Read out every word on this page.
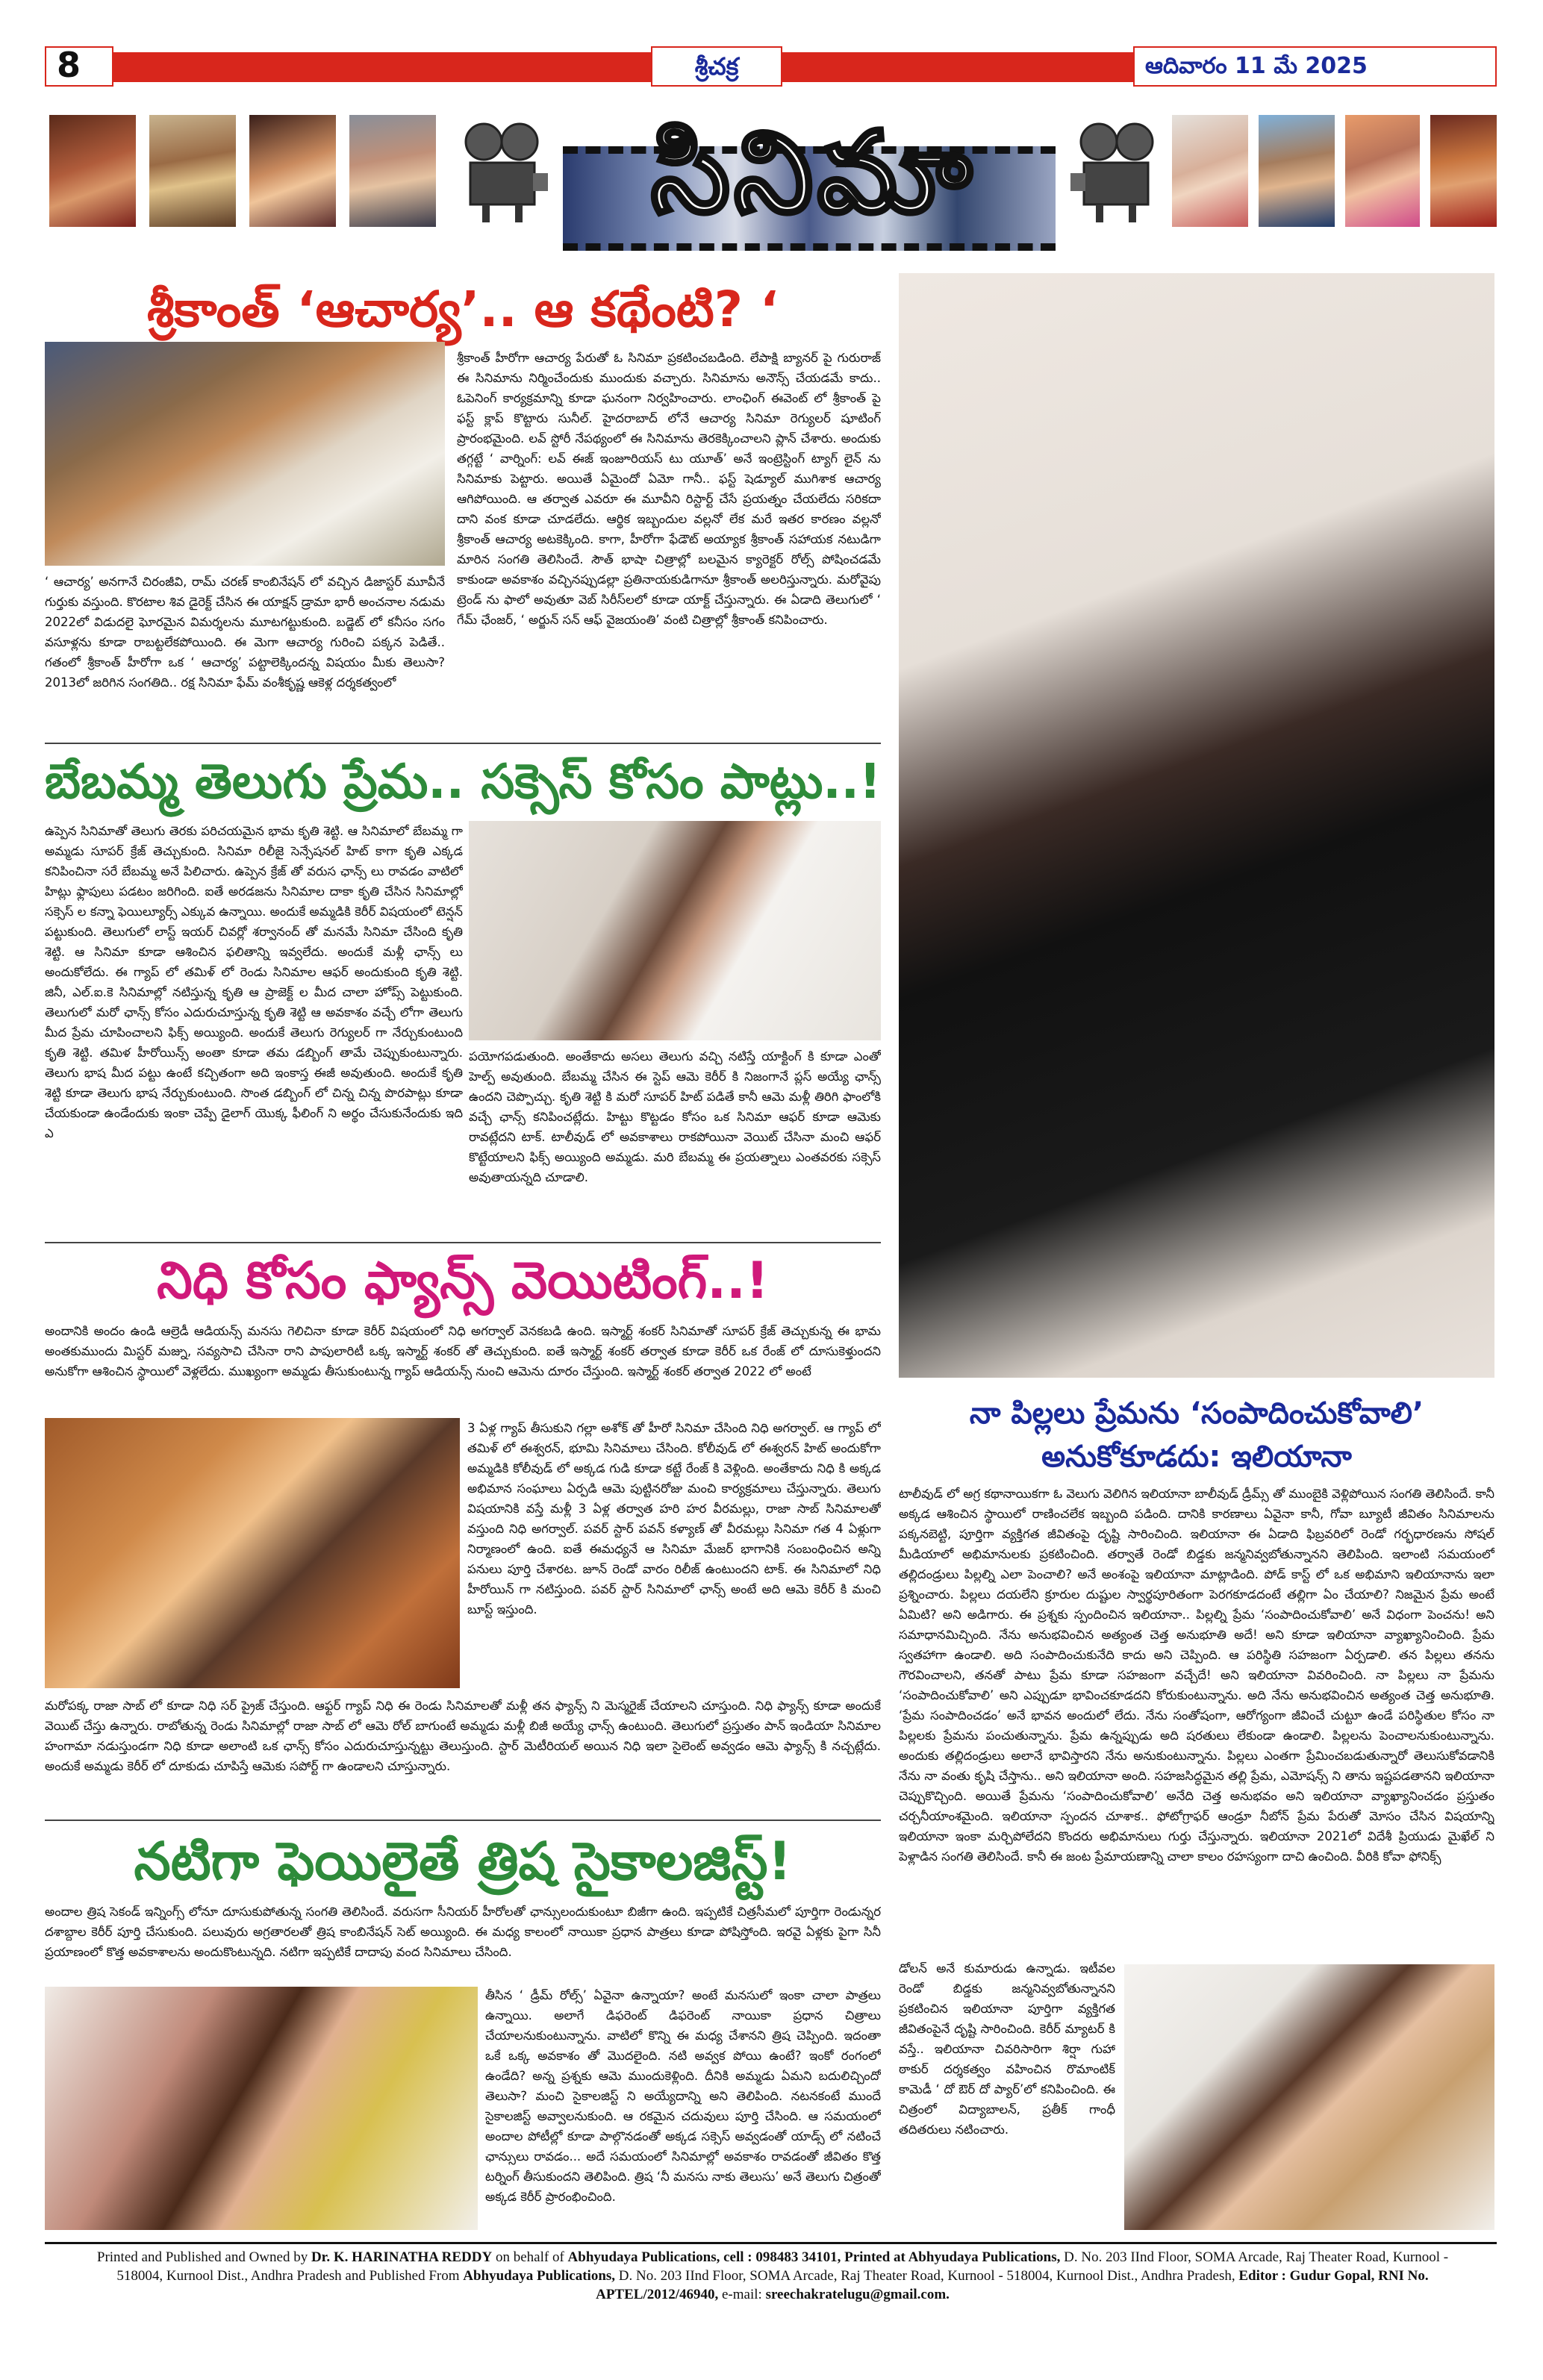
8	శ్రీచక్ర	ఆదివారం 11 మే 2025
సినిమా
శ్రీకాంత్ ‘ఆచార్య’.. ఆ కథేంటి? ‘

‘ ఆచార్య’ అనగానే చిరంజీవి, రామ్ చరణ్ కాంబినేషన్ లో వచ్చిన డిజాస్టర్ మూవీనే గుర్తుకు వస్తుంది. కొరటాల శివ డైరెక్ట్ చేసిన ఈ యాక్షన్ డ్రామా భారీ అంచనాల నడుమ 2022లో విడుదలై ఘోరమైన విమర్శలను మూటగట్టుకుంది. బడ్జెట్ లో కనీసం సగం వసూళ్లను కూడా రాబట్టలేకపోయింది. ఈ మెగా ఆచార్య గురించి పక్కన పెడితే.. గతంలో శ్రీకాంత్ హీరోగా ఒక ‘ ఆచార్య’ పట్టాలెక్కిందన్న విషయం మీకు తెలుసా? 2013లో జరిగిన సంగతిది.. రక్ష సినిమా ఫేమ్ వంశీకృష్ణ ఆకెళ్ల దర్శకత్వంలో

శ్రీకాంత్ హీరోగా ఆచార్య పేరుతో ఓ సినిమా ప్రకటించబడింది. లేపాక్షి బ్యానర్ పై గురురాజ్ ఈ సినిమాను నిర్మించేందుకు ముందుకు వచ్చారు. సినిమాను అనౌన్స్ చేయడమే కాదు.. ఓపెనింగ్ కార్యక్రమాన్ని కూడా ఘనంగా నిర్వహించారు. లాంఛింగ్ ఈవెంట్ లో శ్రీకాంత్ పై ఫస్ట్ క్లాప్ కొట్టారు సునీల్. హైదరాబాద్ లోనే ఆచార్య సినిమా రెగ్యులర్ షూటింగ్ ప్రారంభమైంది. లవ్ స్టోరీ నేపథ్యంలో ఈ సినిమాను తెరకెక్కించాలని ప్లాన్ చేశారు. అందుకు తగ్గట్టే ‘ వార్నింగ్: లవ్ ఈజ్ ఇంజూరియస్ టు యూత్’ అనే ఇంట్రెస్టింగ్ ట్యాగ్ లైన్ ను సినిమాకు పెట్టారు. అయితే ఏమైందో ఏమో గానీ.. ఫస్ట్ షెడ్యూల్ ముగిశాక ఆచార్య ఆగిపోయింది. ఆ తర్వాత ఎవరూ ఈ మూవీని రిస్టార్ట్ చేసే ప్రయత్నం చేయలేదు సరికదా దాని వంక కూడా చూడలేదు. ఆర్థిక ఇబ్బందుల వల్లనో లేక మరే ఇతర కారణం వల్లనో శ్రీకాంత్ ఆచార్య అటకెక్కింది. కాగా, హీరోగా ఫేడౌట్ అయ్యాక శ్రీకాంత్ సహాయక నటుడిగా మారిన సంగతి తెలిసిందే. సౌత్ భాషా చిత్రాల్లో బలమైన క్యారెక్టర్ రోల్స్ పోషించడమే కాకుండా అవకాశం వచ్చినప్పుడల్లా ప్రతినాయకుడిగానూ శ్రీకాంత్ అలరిస్తున్నారు. మరోవైపు ట్రెండ్ ను ఫాలో అవుతూ వెబ్ సిరీస్‌లలో కూడా యాక్ట్ చేస్తున్నారు. ఈ ఏడాది తెలుగులో ‘ గేమ్ ఛేంజర్, ‘ అర్జున్ సన్ ఆఫ్ వైజయంతి’ వంటి చిత్రాల్లో శ్రీకాంత్ కనిపించారు.

బేబమ్మ తెలుగు ప్రేమ.. సక్సెస్ కోసం పాట్లు..!

ఉప్పెన సినిమాతో తెలుగు తెరకు పరిచయమైన భామ కృతి శెట్టి. ఆ సినిమాలో బేబమ్మ గా అమ్మడు సూపర్ క్రేజ్ తెచ్చుకుంది. సినిమా రిలీజై సెన్సేషనల్ హిట్ కాగా కృతి ఎక్కడ కనిపించినా సరే బేబమ్మ అనే పిలిచారు. ఉప్పెన క్రేజ్ తో వరుస ఛాన్స్ లు రావడం వాటిలో హిట్లు ఫ్లాపులు పడటం జరిగింది. ఐతే అరడజను సినిమాల దాకా కృతి చేసిన సినిమాల్లో సక్సెస్ ల కన్నా ఫెయిల్యూర్స్ ఎక్కువ ఉన్నాయి. అందుకే అమ్మడికి కెరీర్ విషయంలో టెన్షన్ పట్టుకుంది. తెలుగులో లాస్ట్ ఇయర్ చివర్లో శర్వానంద్ తో మనమే సినిమా చేసింది కృతి శెట్టి. ఆ సినిమా కూడా ఆశించిన ఫలితాన్ని ఇవ్వలేదు. అందుకే మళ్లీ ఛాన్స్ లు అందుకోలేదు. ఈ గ్యాప్ లో తమిళ్ లో రెండు సినిమాల ఆఫర్ అందుకుంది కృతి శెట్టి. జినీ, ఎల్.ఐ.కె సినిమాల్లో నటిస్తున్న కృతి ఆ ప్రాజెక్ట్ ల మీద చాలా హోప్స్ పెట్టుకుంది. తెలుగులో మరో ఛాన్స్ కోసం ఎదురుచూస్తున్న కృతి శెట్టి ఆ అవకాశం వచ్చే లోగా తెలుగు మీద ప్రేమ చూపించాలని ఫిక్స్ అయ్యింది. అందుకే తెలుగు రెగ్యులర్ గా నేర్చుకుంటుంది కృతి శెట్టి. తమిళ హీరోయిన్స్ అంతా కూడా తమ డబ్బింగ్ తామే చెప్పుకుంటున్నారు. తెలుగు భాష మీద పట్టు ఉంటే కచ్చితంగా అది ఇంకాస్త ఈజీ అవుతుంది. అందుకే కృతి శెట్టి కూడా తెలుగు భాష నేర్చుకుంటుంది. సొంత డబ్బింగ్ లో చిన్న చిన్న పొరపాట్లు కూడా చేయకుండా ఉండేందుకు ఇంకా చెప్పే డైలాగ్ యొక్క ఫీలింగ్ ని అర్థం చేసుకునేందుకు ఇది ఎ

పయోగపడుతుంది. అంతేకాదు అసలు తెలుగు వచ్చి నటిస్తే యాక్టింగ్ కి కూడా ఎంతో హెల్ప్ అవుతుంది. బేబమ్మ చేసిన ఈ స్టెప్ ఆమె కెరీర్ కి నిజంగానే ప్లస్ అయ్యే ఛాన్స్ ఉందని చెప్పొచ్చు. కృతి శెట్టి కి మరో సూపర్ హిట్ పడితే కానీ ఆమె మళ్లీ తిరిగి ఫాంలోకి వచ్చే ఛాన్స్ కనిపించట్లేదు. హిట్టు కొట్టడం కోసం ఒక సినిమా ఆఫర్ కూడా ఆమెకు రావట్లేదని టాక్. టాలీవుడ్ లో అవకాశాలు రాకపోయినా వెయిట్ చేసినా మంచి ఆఫర్ కొట్టేయాలని ఫిక్స్ అయ్యింది అమ్మడు. మరి బేబమ్మ ఈ ప్రయత్నాలు ఎంతవరకు సక్సెస్ అవుతాయన్నది చూడాలి.

నిధి కోసం ఫ్యాన్స్ వెయిటింగ్..!

అందానికి అందం ఉండి ఆల్రెడీ ఆడియన్స్ మనసు గెలిచినా కూడా కెరీర్ విషయంలో నిధి అగర్వాల్ వెనకబడి ఉంది. ఇస్మార్ట్ శంకర్ సినిమాతో సూపర్ క్రేజ్ తెచ్చుకున్న ఈ భామ అంతకుముందు మిస్టర్ మజ్ను, సవ్యసాచి చేసినా రాని పాపులారిటీ ఒక్క ఇస్మార్ట్ శంకర్ తో తెచ్చుకుంది. ఐతే ఇస్మార్ట్ శంకర్ తర్వాత కూడా కెరీర్ ఒక రేంజ్ లో దూసుకెళ్తుందని అనుకోగా ఆశించిన స్థాయిలో వెళ్లలేదు. ముఖ్యంగా అమ్మడు తీసుకుంటున్న గ్యాప్ ఆడియన్స్ నుంచి ఆమెను దూరం చేస్తుంది. ఇస్మార్ట్ శంకర్ తర్వాత 2022 లో అంటే

3 ఏళ్ల గ్యాప్ తీసుకుని గల్లా అశోక్ తో హీరో సినిమా చేసింది నిధి అగర్వాల్. ఆ గ్యాప్ లో తమిళ్ లో ఈశ్వరన్, భూమి సినిమాలు చేసింది. కోలీవుడ్ లో ఈశ్వరన్ హిట్ అందుకోగా అమ్మడికి కోలీవుడ్ లో అక్కడ గుడి కూడా కట్టే రేంజ్ కి వెళ్లింది. అంతేకాదు నిధి కి అక్కడ అభిమాన సంఘాలు ఏర్పడి ఆమె పుట్టినరోజు మంచి కార్యక్రమాలు చేస్తున్నారు. తెలుగు విషయానికి వస్తే మళ్లీ 3 ఏళ్ల తర్వాత హరి హర వీరమల్లు, రాజా సాబ్ సినిమాలతో వస్తుంది నిధి అగర్వాల్. పవర్ స్టార్ పవన్ కళ్యాణ్ తో వీరమల్లు సినిమా గత 4 ఏళ్లుగా నిర్మాణంలో ఉంది. ఐతే ఈమధ్యనే ఆ సినిమా మేజర్ భాగానికి సంబంధించిన అన్ని పనులు పూర్తి చేశారట. జూన్ రెండో వారం రిలీజ్ ఉంటుందని టాక్. ఈ సినిమాలో నిధి హీరోయిన్ గా నటిస్తుంది. పవర్ స్టార్ సినిమాలో ఛాన్స్ అంటే అది ఆమె కెరీర్ కి మంచి బూస్ట్ ఇస్తుంది.

మరోపక్క రాజా సాబ్ లో కూడా నిధి సర్ ప్రైజ్ చేస్తుంది. ఆఫ్టర్ గ్యాప్ నిధి ఈ రెండు సినిమాలతో మళ్లీ తన ఫ్యాన్స్ ని మెస్మరైజ్ చేయాలని చూస్తుంది. నిధి ఫ్యాన్స్ కూడా అందుకే వెయిట్ చేస్తు ఉన్నారు. రాబోతున్న రెండు సినిమాల్లో రాజా సాబ్ లో ఆమె రోల్ బాగుంటే అమ్మడు మళ్లీ బిజీ అయ్యే ఛాన్స్ ఉంటుంది. తెలుగులో ప్రస్తుతం పాన్ ఇండియా సినిమాల హంగామా నడుస్తుండగా నిధి కూడా అలాంటి ఒక ఛాన్స్ కోసం ఎదురుచూస్తున్నట్టు తెలుస్తుంది. స్టార్ మెటీరియల్ అయిన నిధి ఇలా సైలెంట్ అవ్వడం ఆమె ఫ్యాన్స్ కి నచ్చట్లేదు. అందుకే అమ్మడు కెరీర్ లో దూకుడు చూపిస్తే ఆమెకు సపోర్ట్ గా ఉండాలని చూస్తున్నారు.

నటిగా ఫెయిలైతే త్రిష సైకాలజిస్ట్!

అందాల త్రిష సెకండ్ ఇన్నింగ్స్ లోనూ దూసుకుపోతున్న సంగతి తెలిసిందే. వరుసగా సీనియర్ హీరోలతో ఛాన్సులందుకుంటూ బిజీగా ఉంది. ఇప్పటికే చిత్రసీమలో పూర్తిగా రెండున్నర దశాబ్దాల కెరీర్ పూర్తి చేసుకుంది. పలువురు అగ్రతారలతో త్రిష కాంబినేషన్ సెట్ అయ్యింది. ఈ మధ్య కాలంలో నాయికా ప్రధాన పాత్రలు కూడా పోషిస్తోంది. ఇరవై ఏళ్లకు పైగా సినీ ప్రయాణంలో కొత్త అవకాశాలను అందుకొంటున్నది. నటిగా ఇప్పటికే దాదాపు వంద సినిమాలు చేసింది.

తీసిన ‘ డ్రీమ్ రోల్స్’ ఏవైనా ఉన్నాయా? అంటే మనసులో ఇంకా చాలా పాత్రలు ఉన్నాయి. అలాగే డిఫరెంట్ డిఫరెంట్ నాయికా ప్రధాన చిత్రాలు చేయాలనుకుంటున్నాను. వాటిలో కొన్ని ఈ మధ్య చేశానని త్రిష చెప్పింది. ఇదంతా ఒకే ఒక్క అవకాశం తో మొదలైంది. నటి అవ్వక పోయి ఉంటే? ఇంకో రంగంలో ఉండేది? అన్న ప్రశ్నకు ఆమె ముందుకెళ్లింది. దీనికి అమ్మడు ఏమని బదులిచ్చిందో తెలుసా? మంచి సైకాలజిస్ట్ ని అయ్యేదాన్ని అని తెలిపింది. నటనకంటే ముందే సైకాలజిస్ట్ అవ్వాలనుకుంది. ఆ రకమైన చదువులు పూర్తి చేసింది. ఆ సమయంలో అందాల పోటీల్లో కూడా పాల్గొనడంతో అక్కడ సక్సెస్ అవ్వడంతో యాడ్స్ లో నటించే ఛాన్సులు రావడం... అదే సమయంలో సినిమాల్లో అవకాశం రావడంతో జీవితం కొత్త టర్నింగ్ తీసుకుందని తెలిపింది. త్రిష ‘నీ మనసు నాకు తెలుసు’ అనే తెలుగు చిత్రంతో అక్కడ కెరీర్ ప్రారంభించింది.

నా పిల్లలు ప్రేమను ‘సంపాదించుకోవాలి’
అనుకోకూడదు: ఇలియానా

టాలీవుడ్ లో అగ్ర కథానాయికగా ఓ వెలుగు వెలిగిన ఇలియానా బాలీవుడ్ డ్రీమ్స్ తో ముంబైకి వెళ్లిపోయిన సంగతి తెలిసిందే. కానీ అక్కడ ఆశించిన స్థాయిలో రాణించలేక ఇబ్బంది పడింది. దానికి కారణాలు ఏవైనా కానీ, గోవా బ్యూటీ జీవితం సినిమాలను పక్కనబెట్టి, పూర్తిగా వ్యక్తిగత జీవితంపై దృష్టి సారించింది. ఇలియానా ఈ ఏడాది ఫిబ్రవరిలో రెండో గర్భధారణను సోషల్ మీడియాలో అభిమానులకు ప్రకటించింది. తర్వాతే రెండో బిడ్డకు జన్మనివ్వబోతున్నానని తెలిపింది. ఇలాంటి సమయంలో తల్లిదండ్రులు పిల్లల్ని ఎలా పెంచాలి? అనే అంశంపై ఇలియానా మాట్లాడింది. పోడ్ కాస్ట్ లో ఒక అభిమాని ఇలియానాను ఇలా ప్రశ్నించారు. పిల్లలు దయలేని క్రూరుల దుష్టుల స్వార్థపూరితంగా పెరగకూడదంటే తల్లిగా ఏం చేయాలి? నిజమైన ప్రేమ అంటే ఏమిటి? అని అడిగారు. ఈ ప్రశ్నకు స్పందించిన ఇలియానా.. పిల్లల్ని ప్రేమ ‘సంపాదించుకోవాలి’ అనే విధంగా పెంచను! అని సమాధానమిచ్చింది. నేను అనుభవించిన అత్యంత చెత్త అనుభూతి అదే! అని కూడా ఇలియానా వ్యాఖ్యానించింది. ప్రేమ స్వతహాగా ఉండాలి. అది సంపాదించుకునేది కాదు అని చెప్పింది. ఆ పరిస్థితి సహజంగా ఏర్పడాలి. తన పిల్లలు తనను గౌరవించాలని, తనతో పాటు ప్రేమ కూడా సహజంగా వచ్చేదే! అని ఇలియానా వివరించింది. నా పిల్లలు నా ప్రేమను ‘సంపాదించుకోవాలి’ అని ఎప్పుడూ భావించకూడదని కోరుకుంటున్నాను. అది నేను అనుభవించిన అత్యంత చెత్త అనుభూతి. ‘ప్రేమ సంపాదించడం’ అనే భావన అందులో లేదు. నేను సంతోషంగా, ఆరోగ్యంగా జీవించే చుట్టూ ఉండే పరిస్థితుల కోసం నా పిల్లలకు ప్రేమను పంచుతున్నాను. ప్రేమ ఉన్నప్పుడు అది షరతులు లేకుండా ఉండాలి. పిల్లలను పెంచాలనుకుంటున్నాను. అందుకు తల్లిదండ్రులు అలానే భావిస్తారని నేను అనుకుంటున్నాను. పిల్లలు ఎంతగా ప్రేమించబడుతున్నారో తెలుసుకోవడానికి నేను నా వంతు కృషి చేస్తాను.. అని ఇలియానా అంది. సహజసిద్ధమైన తల్లి ప్రేమ, ఎమోషన్స్ ని తాను ఇష్టపడతానని ఇలియానా చెప్పుకొచ్చింది. అయితే ప్రేమను ‘సంపాదించుకోవాలి’ అనేది చెత్త అనుభవం అని ఇలియానా వ్యాఖ్యానించడం ప్రస్తుతం చర్చనీయాంశమైంది. ఇలియానా స్పందన చూశాక.. ఫోటోగ్రాఫర్ ఆండ్రూ నీబోన్ ప్రేమ పేరుతో మోసం చేసిన విషయాన్ని ఇలియానా ఇంకా మర్చిపోలేదని కొందరు అభిమానులు గుర్తు చేస్తున్నారు. ఇలియానా 2021లో విదేశీ ప్రియుడు మైఖేల్ ని పెళ్లాడిన సంగతి తెలిసిందే. కానీ ఈ జంట ప్రేమాయణాన్ని చాలా కాలం రహస్యంగా దాచి ఉంచింది. వీరికి కోవా ఫోనిక్స్

డోలన్ అనే కుమారుడు ఉన్నాడు. ఇటీవల రెండో బిడ్డకు జన్మనివ్వబోతున్నానని ప్రకటించిన ఇలియానా పూర్తిగా వ్యక్తిగత జీవితంపైనే దృష్టి సారించింది. కెరీర్ మ్యాటర్ కి వస్తే.. ఇలియానా చివరిసారిగా శిర్షా గుహా ఠాకుర్ దర్శకత్వం వహించిన రొమాంటిక్ కామెడీ ‘ దో ఔర్ దో ప్యార్’లో కనిపించింది. ఈ చిత్రంలో విద్యాబాలన్, ప్రతీక్ గాంధీ తదితరులు నటించారు.

Printed and Published and Owned by Dr. K. HARINATHA REDDY on behalf of Abhyudaya Publications, cell : 098483 34101, Printed at Abhyudaya Publications, D. No. 203 IInd Floor, SOMA Arcade, Raj Theater Road, Kurnool - 518004, Kurnool Dist., Andhra Pradesh and Published From Abhyudaya Publications, D. No. 203 IInd Floor, SOMA Arcade, Raj Theater Road, Kurnool - 518004, Kurnool Dist., Andhra Pradesh, Editor : Gudur Gopal, RNI No. APTEL/2012/46940, e-mail: sreechakratelugu@gmail.com.
